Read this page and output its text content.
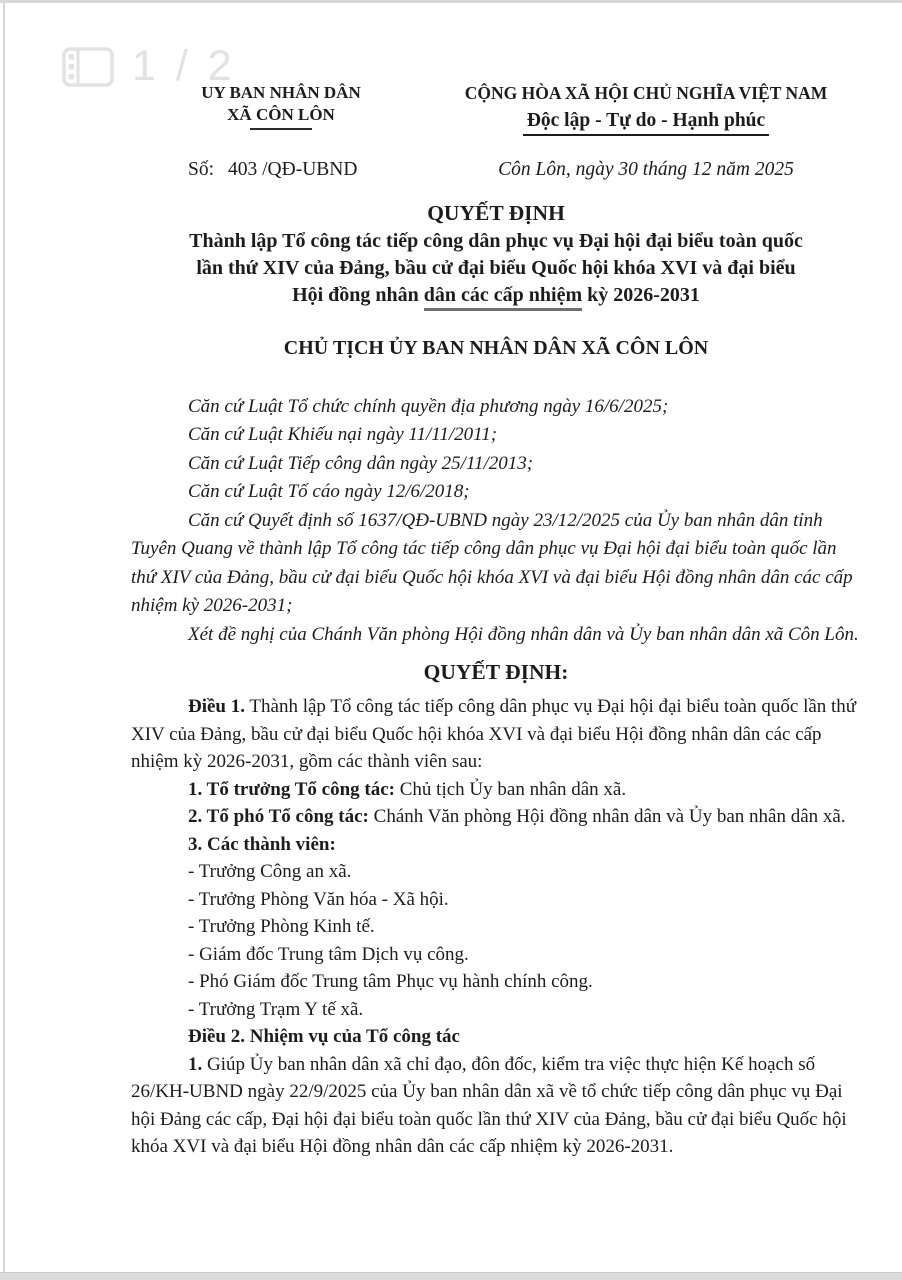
1 / 2
UY BAN NHÂN DÂN
XÃ CÔN LÔN
CỘNG HÒA XÃ HỘI CHỦ NGHĨA VIỆT NAM
Độc lập - Tự do - Hạnh phúc
Số: 403 /QĐ-UBND	Côn Lôn, ngày 30 tháng 12 năm 2025
QUYẾT ĐỊNH
Thành lập Tổ công tác tiếp công dân phục vụ Đại hội đại biểu toàn quốc
lần thứ XIV của Đảng, bầu cử đại biểu Quốc hội khóa XVI và đại biểu
Hội đồng nhân dân các cấp nhiệm kỳ 2026-2031
CHỦ TỊCH ỦY BAN NHÂN DÂN XÃ CÔN LÔN

Căn cứ Luật Tổ chức chính quyền địa phương ngày 16/6/2025;

Căn cứ Luật Khiếu nại ngày 11/11/2011;

Căn cứ Luật Tiếp công dân ngày 25/11/2013;

Căn cứ Luật Tố cáo ngày 12/6/2018;

Căn cứ Quyết định số 1637/QĐ-UBND ngày 23/12/2025 của Ủy ban nhân dân tỉnh Tuyên Quang về thành lập Tổ công tác tiếp công dân phục vụ Đại hội đại biểu toàn quốc lần thứ XIV của Đảng, bầu cử đại biểu Quốc hội khóa XVI và đại biểu Hội đồng nhân dân các cấp nhiệm kỳ 2026-2031;

Xét đề nghị của Chánh Văn phòng Hội đồng nhân dân và Ủy ban nhân dân xã Côn Lôn.

QUYẾT ĐỊNH:

Điều 1. Thành lập Tổ công tác tiếp công dân phục vụ Đại hội đại biểu toàn quốc lần thứ XIV của Đảng, bầu cử đại biểu Quốc hội khóa XVI và đại biểu Hội đồng nhân dân các cấp nhiệm kỳ 2026-2031, gồm các thành viên sau:

1. Tổ trưởng Tổ công tác: Chủ tịch Ủy ban nhân dân xã.

2. Tổ phó Tổ công tác: Chánh Văn phòng Hội đồng nhân dân và Ủy ban nhân dân xã.

3. Các thành viên:

- Trưởng Công an xã.

- Trưởng Phòng Văn hóa - Xã hội.

- Trưởng Phòng Kinh tế.

- Giám đốc Trung tâm Dịch vụ công.

- Phó Giám đốc Trung tâm Phục vụ hành chính công.

- Trưởng Trạm Y tế xã.

Điều 2. Nhiệm vụ của Tổ công tác

1. Giúp Ủy ban nhân dân xã chỉ đạo, đôn đốc, kiểm tra việc thực hiện Kế hoạch số 26/KH-UBND ngày 22/9/2025 của Ủy ban nhân dân xã về tổ chức tiếp công dân phục vụ Đại hội Đảng các cấp, Đại hội đại biểu toàn quốc lần thứ XIV của Đảng, bầu cử đại biểu Quốc hội khóa XVI và đại biểu Hội đồng nhân dân các cấp nhiệm kỳ 2026-2031.
